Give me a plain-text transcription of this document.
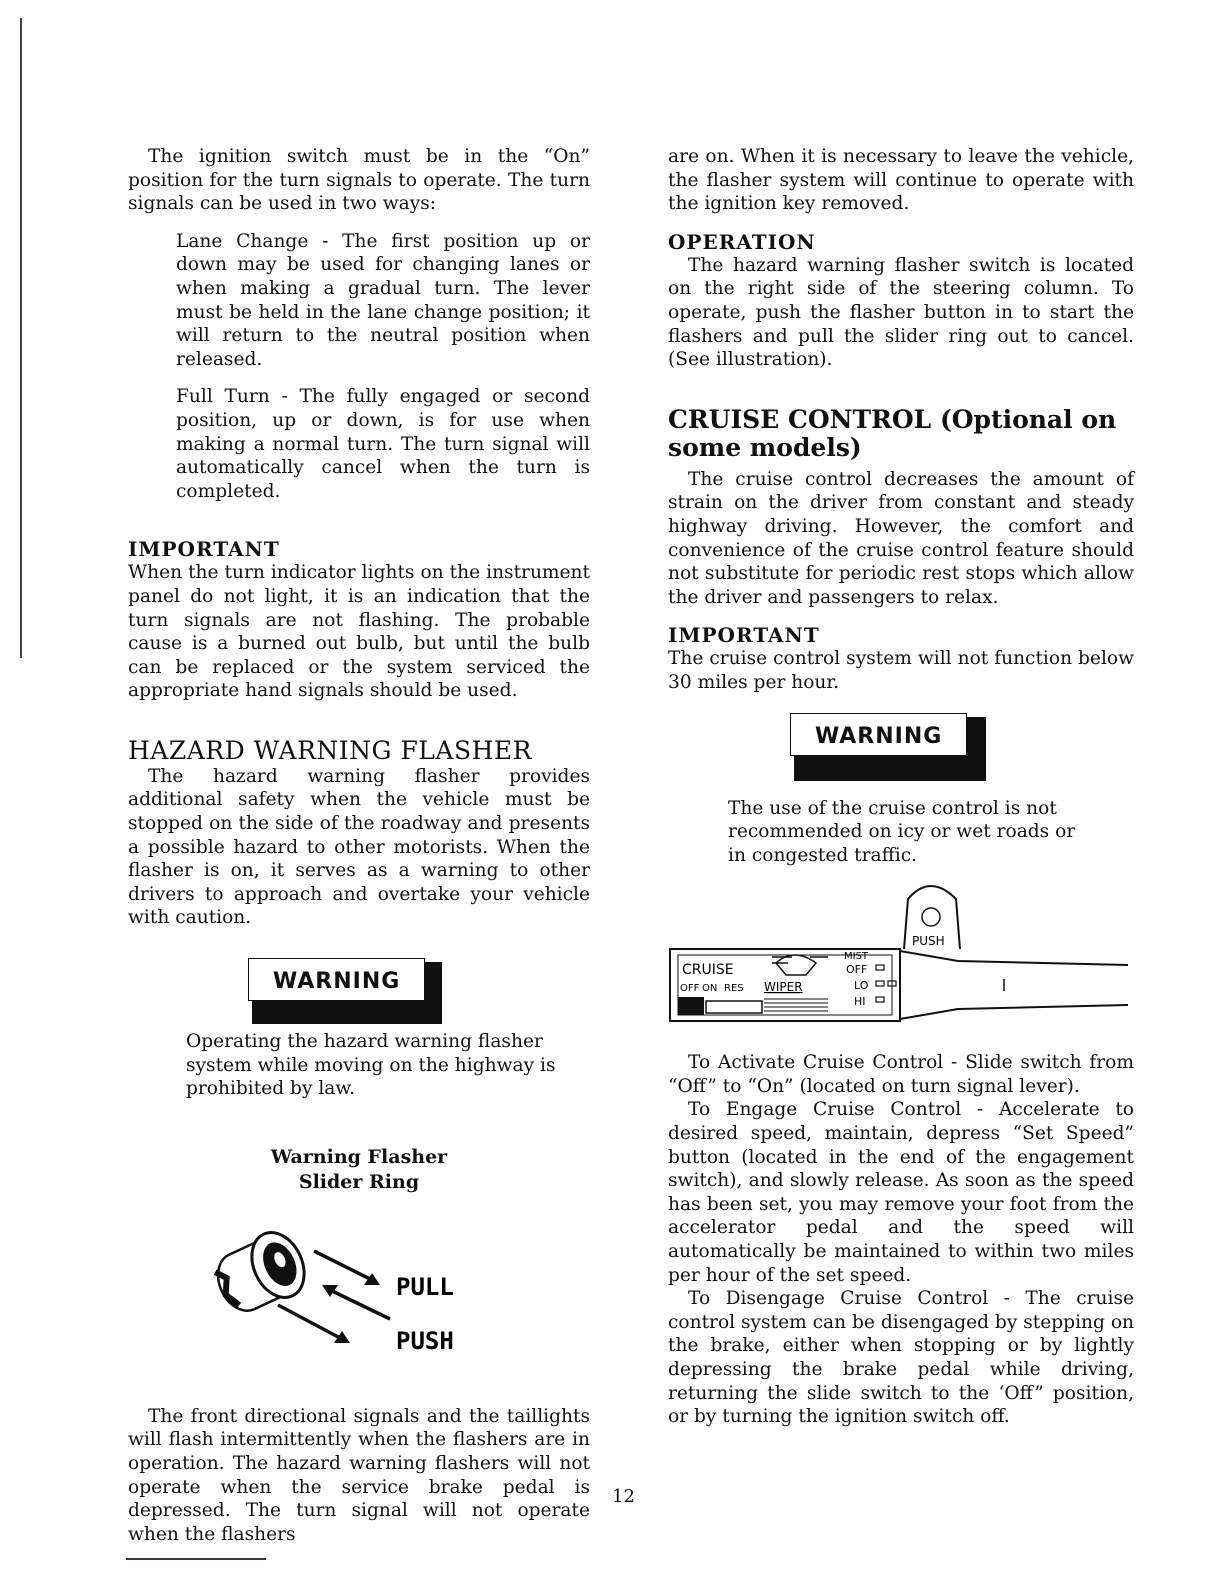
The ignition switch must be in the “On” position for the turn signals to operate. The turn signals can be used in two ways:

Lane Change - The first position up or down may be used for changing lanes or when making a gradual turn. The lever must be held in the lane change position; it will return to the neutral position when released.

Full Turn - The fully engaged or second position, up or down, is for use when making a normal turn. The turn signal will automatically cancel when the turn is completed.

IMPORTANT

When the turn indicator lights on the instrument panel do not light, it is an indication that the turn signals are not flashing. The probable cause is a burned out bulb, but until the bulb can be replaced or the system serviced the appropriate hand signals should be used.

HAZARD WARNING FLASHER

The hazard warning flasher provides additional safety when the vehicle must be stopped on the side of the roadway and presents a possible hazard to other motorists. When the flasher is on, it serves as a warning to other drivers to approach and overtake your vehicle with caution.

WARNING

Operating the hazard warning flasher system while moving on the highway is prohibited by law.

Warning Flasher
Slider Ring
PULL
PUSH

The front directional signals and the taillights will flash intermittently when the flashers are in operation. The hazard warning flashers will not operate when the service brake pedal is depressed. The turn signal will not operate when the flashers

are on. When it is necessary to leave the vehicle, the flasher system will continue to operate with the ignition key removed.

OPERATION

The hazard warning flasher switch is located on the right side of the steering column. To operate, push the flasher button in to start the flashers and pull the slider ring out to cancel.(See illustration).

CRUISE CONTROL (Optional on some models)

The cruise control decreases the amount of strain on the driver from constant and steady highway driving. However, the comfort and convenience of the cruise control feature should not substitute for periodic rest stops which allow the driver and passengers to relax.

IMPORTANT

The cruise control system will not function below 30 miles per hour.

WARNING

The use of the cruise control is not recommended on icy or wet roads or in congested traffic.

PUSH
CRUISE
OFF ON RES WIPER
MIST
OFF
LO
HI

To Activate Cruise Control - Slide switch from “Off” to “On” (located on turn signal lever).

To Engage Cruise Control - Accelerate to desired speed, maintain, depress “Set Speed” button (located in the end of the engagement switch), and slowly release. As soon as the speed has been set, you may remove your foot from the accelerator pedal and the speed will automatically be maintained to within two miles per hour of the set speed.

To Disengage Cruise Control - The cruise control system can be disengaged by stepping on the brake, either when stopping or by lightly depressing the brake pedal while driving, returning the slide switch to the ‘Off” position, or by turning the ignition switch off.

12
